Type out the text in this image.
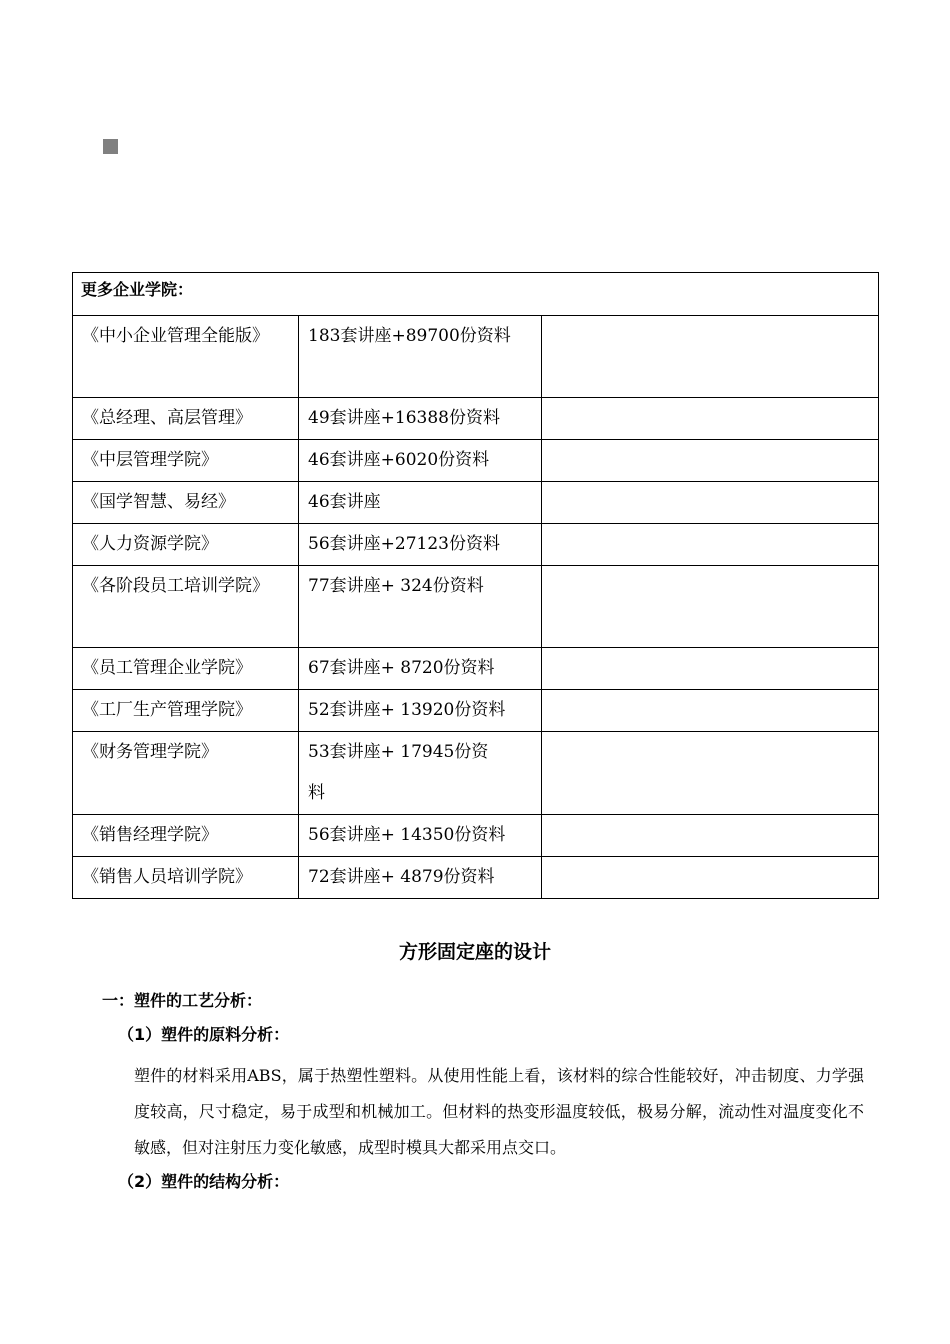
更多企业学院：		
《中小企业管理全能版》	183套讲座+89700份资料	
《总经理、高层管理》	49套讲座+16388份资料	
《中层管理学院》	46套讲座+6020份资料	
《国学智慧、易经》	46套讲座	
《人力资源学院》	56套讲座+27123份资料	
《各阶段员工培训学院》	77套讲座+ 324份资料	
《员工管理企业学院》	67套讲座+ 8720份资料	
《工厂生产管理学院》	52套讲座+ 13920份资料	
《财务管理学院》	53套讲座+ 17945份资料	
《销售经理学院》	56套讲座+ 14350份资料	
《销售人员培训学院》	72套讲座+ 4879份资料	
方形固定座的设计
一：塑件的工艺分析：
（1）塑件的原料分析：
塑件的材料采用ABS，属于热塑性塑料。从使用性能上看，该材料的综合性能较好，冲击韧度、力学强度较高，尺寸稳定，易于成型和机械加工。但材料的热变形温度较低，极易分解，流动性对温度变化不敏感，但对注射压力变化敏感，成型时模具大都采用点交口。
（2）塑件的结构分析：
